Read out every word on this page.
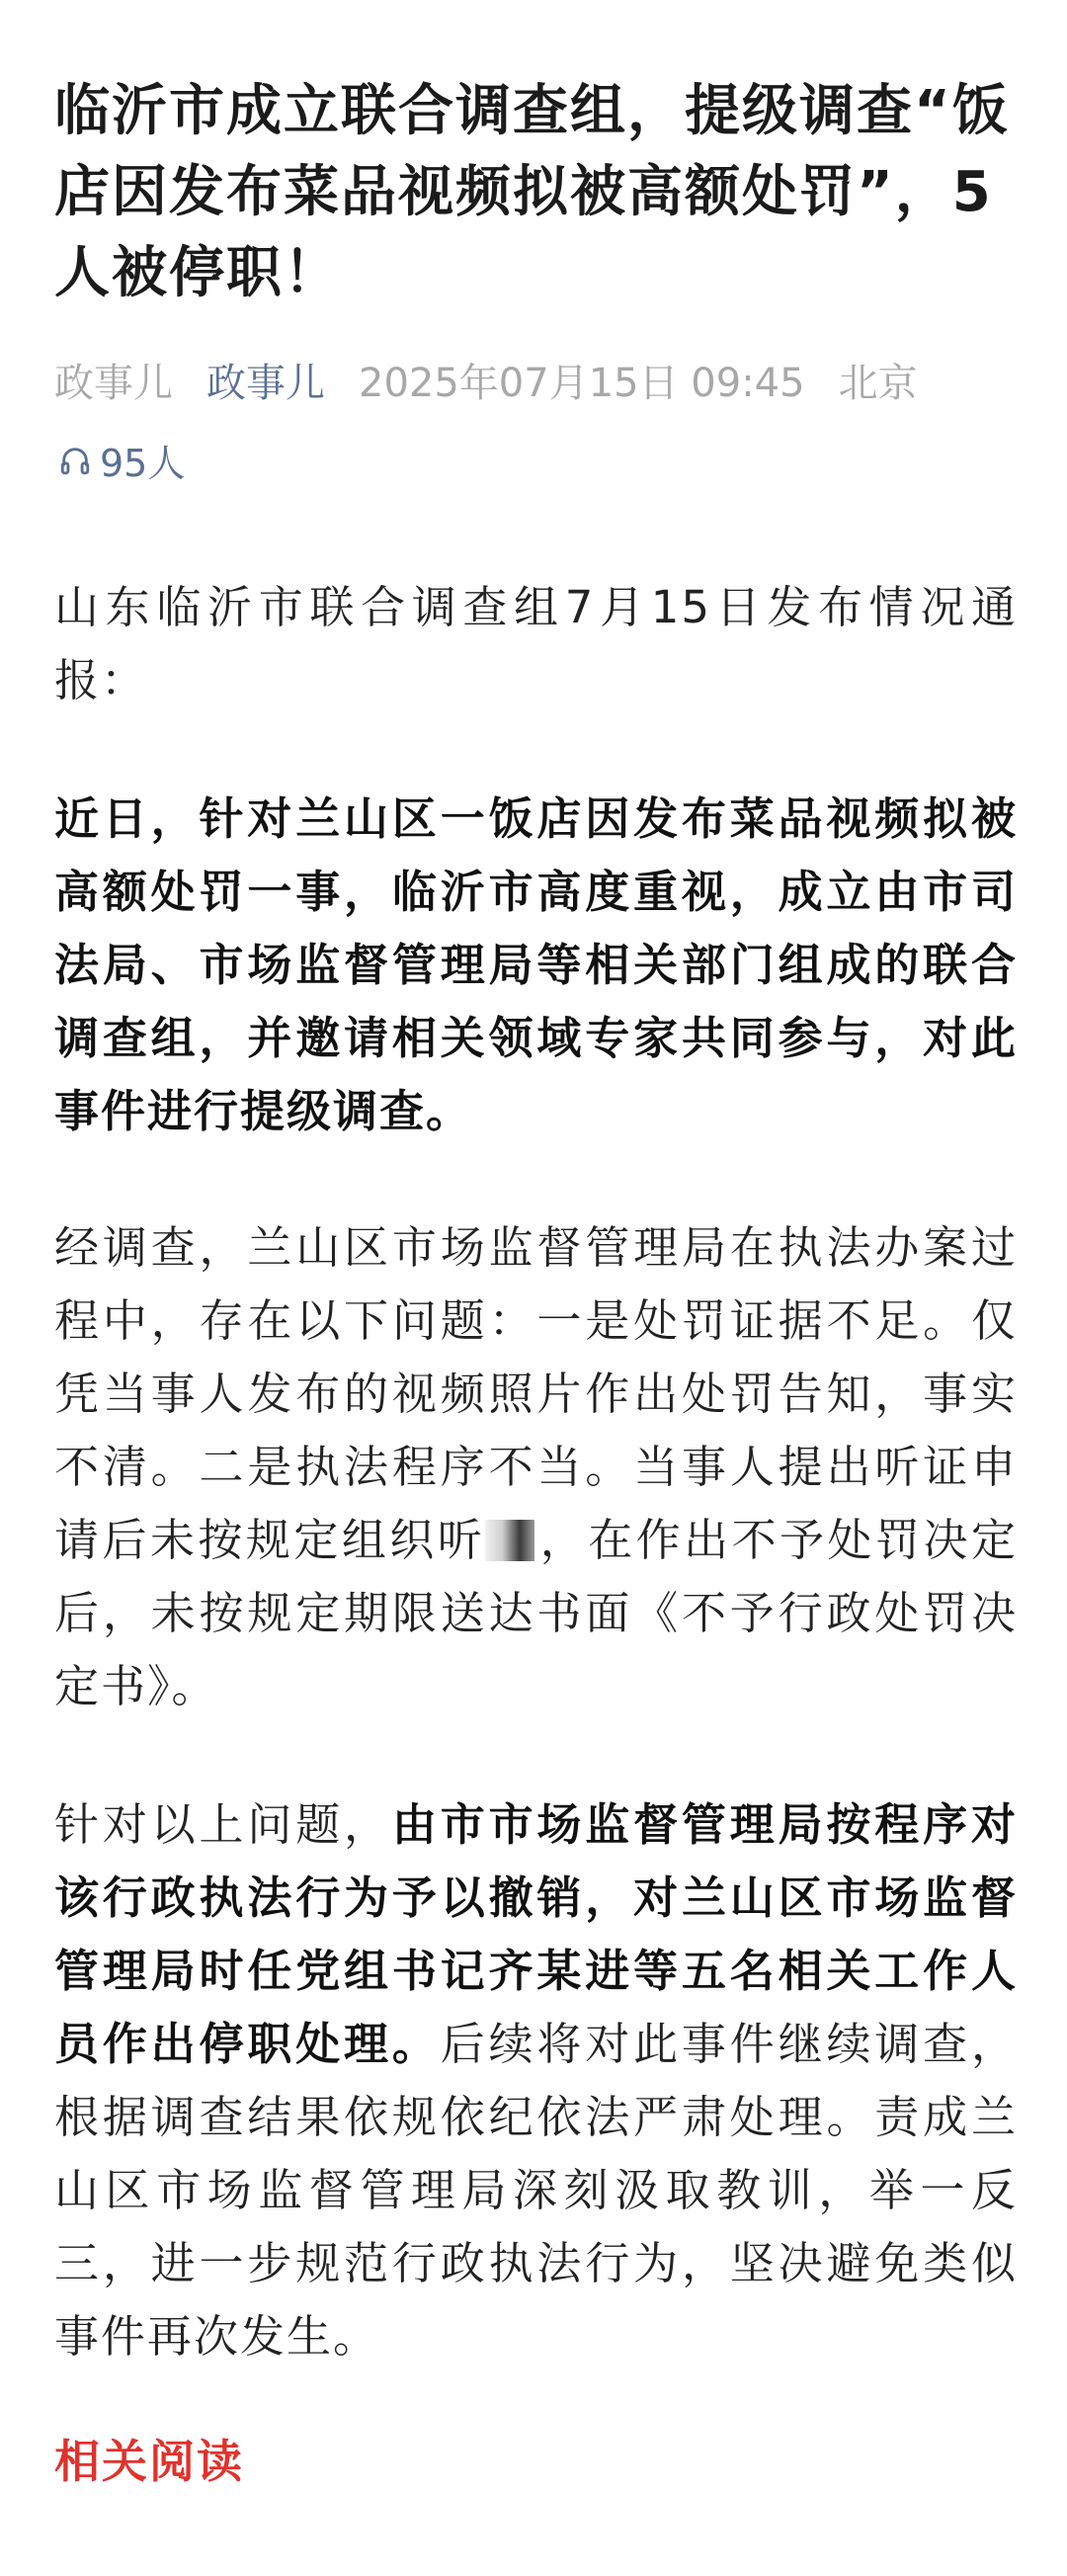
临沂市成立联合调查组，提级调查“饭店因发布菜品视频拟被高额处罚”，5人被停职！
政事儿 政事儿 2025年07月15日 09:45 北京
95人

山东临沂市联合调查组7月15日发布情况通报：

近日，针对兰山区一饭店因发布菜品视频拟被高额处罚一事，临沂市高度重视，成立由市司法局、市场监督管理局等相关部门组成的联合调查组，并邀请相关领域专家共同参与，对此事件进行提级调查。

经调查，兰山区市场监督管理局在执法办案过程中，存在以下问题：一是处罚证据不足。仅凭当事人发布的视频照片作出处罚告知，事实不清。二是执法程序不当。当事人提出听证申请后未按规定组织听 ，在作出不予处罚决定后，未按规定期限送达书面《不予行政处罚决定书》。

针对以上问题，由市市场监督管理局按程序对该行政执法行为予以撤销，对兰山区市场监督管理局时任党组书记齐某进等五名相关工作人员作出停职处理。后续将对此事件继续调查，根据调查结果依规依纪依法严肃处理。责成兰山区市场监督管理局深刻汲取教训，举一反三，进一步规范行政执法行为，坚决避免类似事件再次发生。

相关阅读
